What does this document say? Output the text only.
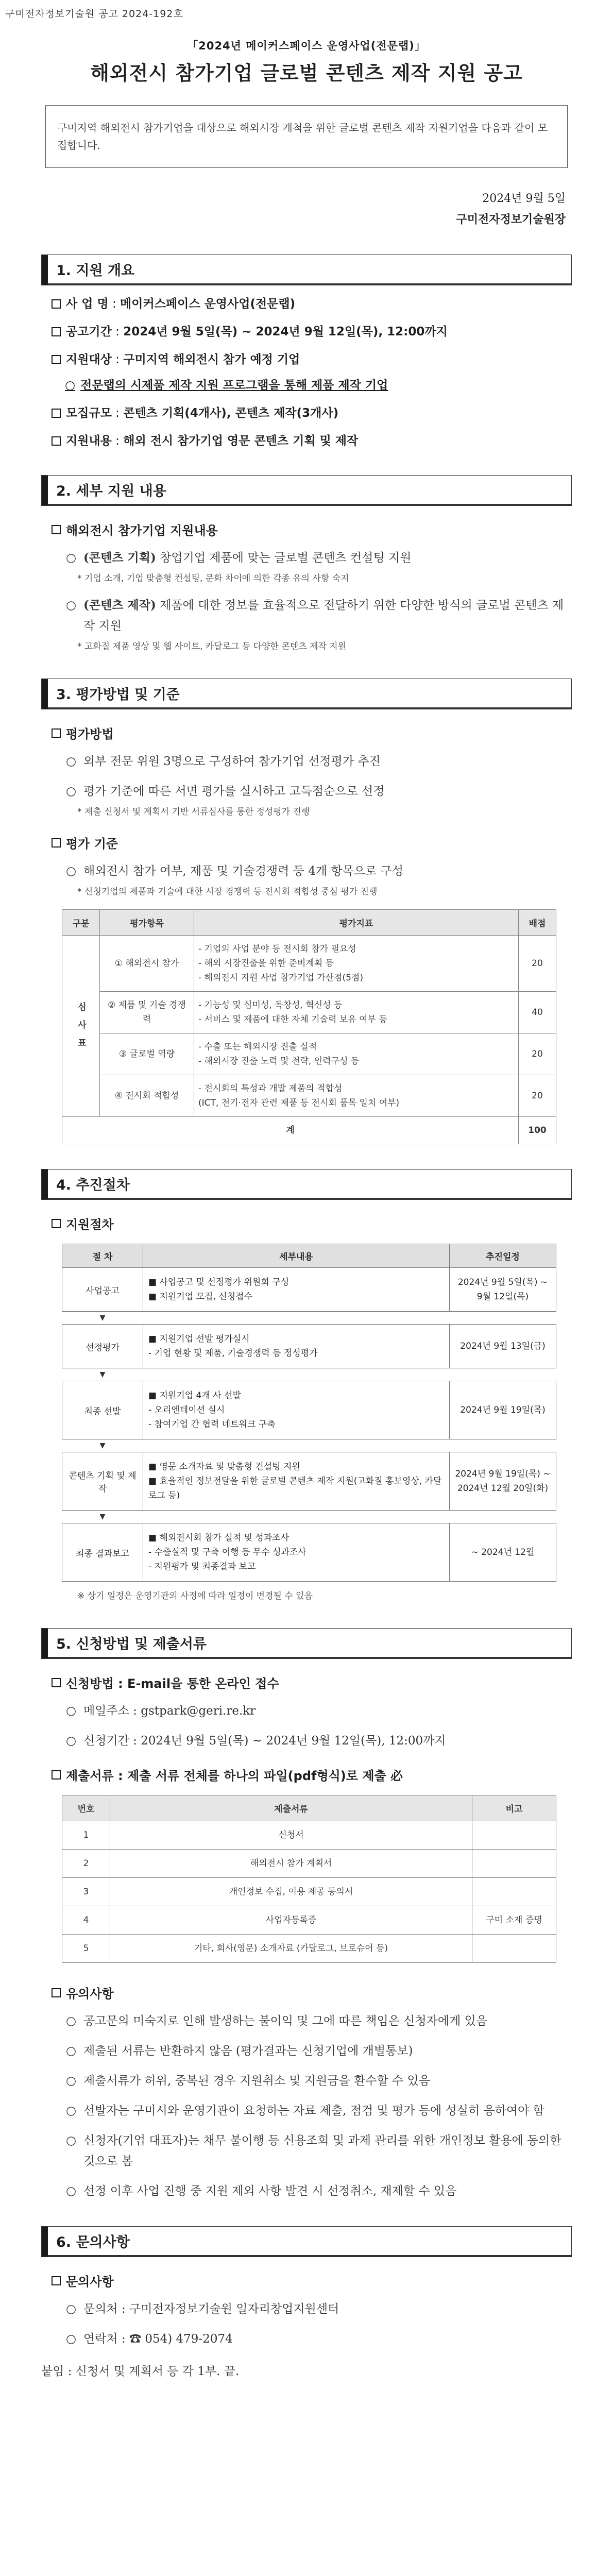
구미전자정보기술원 공고 2024-192호
「2024년 메이커스페이스 운영사업(전문랩)」
해외전시 참가기업 글로벌 콘텐츠 제작 지원 공고
구미지역 해외전시 참가기업을 대상으로 해외시장 개척을 위한 글로벌 콘텐츠 제작 지원기업을 다음과 같이 모집합니다.
2024년 9월 5일
구미전자정보기술원장
1. 지원 개요
사 업 명 : 메이커스페이스 운영사업(전문랩)
공고기간 : 2024년 9월 5일(목) ~ 2024년 9월 12일(목), 12:00까지
지원대상 : 구미지역 해외전시 참가 예정 기업
○ 전문랩의 시제품 제작 지원 프로그램을 통해 제품 제작 기업
모집규모 : 콘텐츠 기획(4개사), 콘텐츠 제작(3개사)
지원내용 : 해외 전시 참가기업 영문 콘텐츠 기획 및 제작
2. 세부 지원 내용
해외전시 참가기업 지원내용
○ (콘텐츠 기획) 창업기업 제품에 맞는 글로벌 콘텐츠 컨설팅 지원
* 기업 소개, 기업 맞춤형 컨설팅, 문화 차이에 의한 각종 유의 사항 숙지
○ (콘텐츠 제작) 제품에 대한 정보를 효율적으로 전달하기 위한 다양한 방식의 글로벌 콘텐츠 제작 지원
* 고화질 제품 영상 및 웹 사이트, 카달로그 등 다양한 콘텐츠 제작 지원
3. 평가방법 및 기준
평가방법
○ 외부 전문 위원 3명으로 구성하여 참가기업 선정평가 추진
○ 평가 기준에 따른 서면 평가를 실시하고 고득점순으로 선정
* 제출 신청서 및 계획서 기반 서류심사를 통한 정성평가 진행
평가 기준
○ 해외전시 참가 여부, 제품 및 기술경쟁력 등 4개 항목으로 구성
* 신청기업의 제품과 기술에 대한 시장 경쟁력 등 전시회 적합성 중심 평가 진행
구분	평가항목	평가지표	배점
심 사 표	① 해외전시 참가	- 기업의 사업 분야 등 전시회 참가 필요성
- 해외 시장진출을 위한 준비계획 등
- 해외전시 지원 사업 참가기업 가산점(5점)	20
	② 제품 및 기술 경쟁력	- 기능성 및 심미성, 독창성, 혁신성 등
- 서비스 및 제품에 대한 자체 기술력 보유 여부 등	40
	③ 글로벌 역량	- 수출 또는 해외시장 진출 실적
- 해외시장 진출 노력 및 전략, 인력구성 등	20
	④ 전시회 적합성	- 전시회의 특성과 개발 제품의 적합성
(ICT, 전기·전자 관련 제품 등 전시회 품목 일치 여부)	20
계			100
4. 추진절차
지원절차
절 차	세부내용	추진일정
사업공고	■ 사업공고 및 선정평가 위원회 구성
■ 지원기업 모집, 신청접수	2024년 9월 5일(목) ~ 9월 12일(목)
▼		
선정평가	■ 지원기업 선발 평가실시
- 기업 현황 및 제품, 기술경쟁력 등 정성평가	2024년 9월 13일(금)
▼		
최종 선발	■ 지원기업 4개 사 선발
- 오리엔테이션 실시
- 참여기업 간 협력 네트워크 구축	2024년 9월 19일(목)
▼		
콘텐츠 기획 및 제작	■ 영문 소개자료 및 맞춤형 컨설팅 지원
■ 효율적인 정보전달을 위한 글로벌 콘텐츠 제작 지원(고화질 홍보영상, 카달로그 등)	2024년 9월 19일(목) ~ 2024년 12월 20일(화)
▼		
최종 결과보고	■ 해외전시회 참가 실적 및 성과조사
- 수출실적 및 구축 이행 등 무수 성과조사
- 지원평가 및 최종결과 보고	~ 2024년 12월
※ 상기 일정은 운영기관의 사정에 따라 일정이 변경될 수 있음
5. 신청방법 및 제출서류
신청방법 : E-mail을 통한 온라인 접수
○ 메일주소 : gstpark@geri.re.kr
○ 신청기간 : 2024년 9월 5일(목) ~ 2024년 9월 12일(목), 12:00까지
제출서류 : 제출 서류 전체를 하나의 파일(pdf형식)로 제출 必
번호	제출서류	비고
1	신청서	
2	해외전시 참가 계획서	
3	개인정보 수집, 이용 제공 동의서	
4	사업자등록증	구미 소재 증명
5	기타, 회사(영문) 소개자료 (카달로그, 브로슈어 등)	
유의사항
○ 공고문의 미숙지로 인해 발생하는 불이익 및 그에 따른 책임은 신청자에게 있음
○ 제출된 서류는 반환하지 않음 (평가결과는 신청기업에 개별통보)
○ 제출서류가 허위, 중복된 경우 지원취소 및 지원금을 환수할 수 있음
○ 선발자는 구미시와 운영기관이 요청하는 자료 제출, 점검 및 평가 등에 성실히 응하여야 함
○ 신청자(기업 대표자)는 채무 불이행 등 신용조회 및 과제 관리를 위한 개인정보 활용에 동의한 것으로 봄
○ 선정 이후 사업 진행 중 지원 제외 사항 발견 시 선정취소, 재제할 수 있음
6. 문의사항
문의사항
○ 문의처 : 구미전자정보기술원 일자리창업지원센터
○ 연락처 : ☎ 054) 479-2074
붙임 : 신청서 및 계획서 등 각 1부. 끝.
